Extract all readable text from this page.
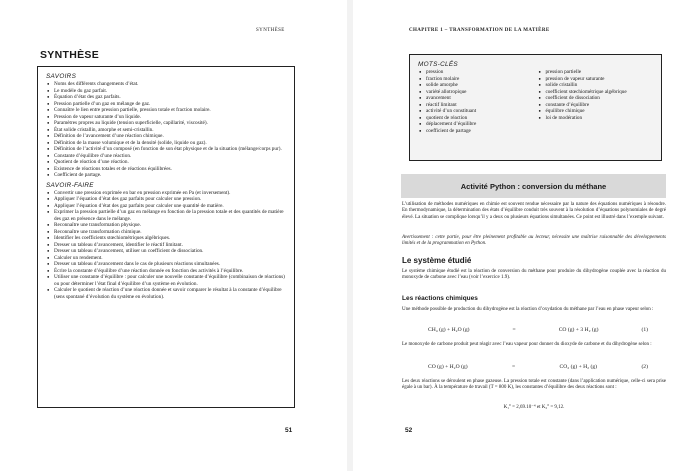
SYNTHÈSE
SYNTHÈSE
SAVOIRS
● Noms des différents changements d’état.
● Le modèle du gaz parfait.
● Équation d’état des gaz parfaits.
● Pression partielle d’un gaz en mélange de gaz.
● Connaître le lien entre pression partielle, pression totale et fraction molaire.
● Pression de vapeur saturante d’un liquide.
● Paramètres propres au liquide (tension superficielle, capillarité, viscosité).
● État solide cristallin, amorphe et semi-cristallin.
● Définition de l’avancement d’une réaction chimique.
● Définition de la masse volumique et de la densité (solide, liquide ou gaz).
● Définition de l’activité d’un composé (en fonction de son état physique et de la situation (mélange/corps pur).
● Constante d’équilibre d’une réaction.
● Quotient de réaction d’une réaction.
● Existence de réactions totales et de réactions équilibrées.
● Coefficient de partage.
SAVOIR-FAIRE
● Convertir une pression exprimée en bar en pression exprimée en Pa (et inversement).
● Appliquer l’équation d’état des gaz parfaits pour calculer une pression.
● Appliquer l’équation d’état des gaz parfaits pour calculer une quantité de matière.
● Exprimer la pression partielle d’un gaz en mélange en fonction de la pression totale et des quantités de matière des gaz en présence dans le mélange.
● Reconnaître une transformation physique.
● Reconnaître une transformation chimique.
● Identifier les coefficients stœchiométriques algébriques.
● Dresser un tableau d’avancement, identifier le réactif limitant.
● Dresser un tableau d’avancement, utiliser un coefficient de dissociation.
● Calculer un rendement.
● Dresser un tableau d’avancement dans le cas de plusieurs réactions simultanées.
● Écrire la constante d’équilibre d’une réaction donnée en fonction des activités à l’équilibre.
● Utiliser une constante d’équilibre : pour calculer une nouvelle constante d’équilibre (combinaison de réactions) ou pour déterminer l’état final d’équilibre d’un système en évolution.
● Calculer le quotient de réaction d’une réaction donnée et savoir comparer le résultat à la constante d’équilibre (sens spontané d’évolution du système en évolution).
51
CHAPITRE 1 – TRANSFORMATION DE LA MATIÈRE
MOTS-CLÉS
● pression
● fraction molaire
● solide amorphe
● variété allotropique
● avancement
● réactif limitant
● activité d’un constituant
● quotient de réaction
● déplacement d’équilibre
● coefficient de partage
● pression partielle
● pression de vapeur saturante
● solide cristallin
● coefficient stœchiométrique algébrique
● coefficient de dissociation
● constante d’équilibre
● équilibre chimique
● loi de modération
Activité Python : conversion du méthane

L’utilisation de méthodes numériques en chimie est souvent rendue nécessaire par la nature des équations numériques à résoudre. En thermodynamique, la détermination des états d’équilibre conduit très souvent à la résolution d’équations polynomiales de degré élevé. La situation se complique lorsqu’il y a deux ou plusieurs équations simultanées. Ce point est illustré dans l’exemple suivant.

Avertissement : cette partie, pour être pleinement profitable au lecteur, nécessite une maîtrise raisonnable des développements limités et de la programmation en Python.

Le système étudié

Le système chimique étudié est la réaction de conversion du méthane pour produire du dihydrogène couplée avec la réaction du monoxyde de carbone avec l’eau (voir l’exercice 1.9).

Les réactions chimiques

Une méthode possible de production du dihydrogène est la réaction d’oxydation du méthane par l’eau en phase vapeur selon :

CH₄ (g) + H₂O (g)	=	CO (g) + 3 H₂ (g)	(1)

Le monoxyde de carbone produit peut réagir avec l’eau vapeur pour donner du dioxyde de carbone et du dihydrogène selon :

CO (g) + H₂O (g)	=	CO₂ (g) + H₂ (g)	(2)

Les deux réactions se déroulent en phase gazeuse. La pression totale est constante (dans l’application numérique, celle-ci sera prise égale à un bar). À la température de travail (T = 800 K), les constantes d’équilibre des deux réactions sont :

K₁° = 2,69.10⁻⁴ et K₂° = 9,12.
52
